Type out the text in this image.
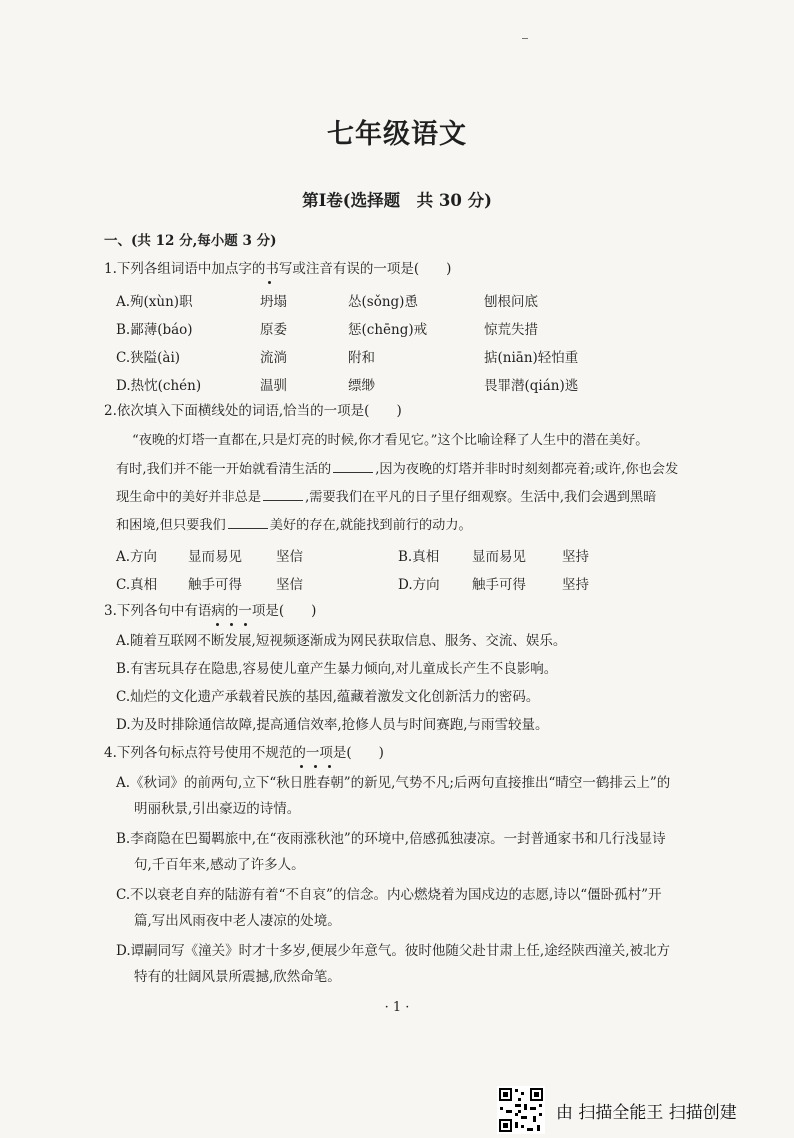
七年级语文
第Ⅰ卷(选择题　共 30 分)
一、(共 12 分,每小题 3 分)
1.下列各组词语中加点字的书写或注音有误的一项是(　　)
A.殉(xùn)职	坍塌	怂(sǒng)恿	刨根问底
B.鄙薄(báo)	原委	惩(chēng)戒	惊荒失措
C.狭隘(ài)	流淌	附和	掂(niān)轻怕重
D.热忱(chén)	温驯	缥缈	畏罪潜(qián)逃
2.依次填入下面横线处的词语,恰当的一项是(　　)
“夜晚的灯塔一直都在,只是灯亮的时候,你才看见它。”这个比喻诠释了人生中的潜在美好。
有时,我们并不能一开始就看清生活的	,因为夜晚的灯塔并非时时刻刻都亮着;或许,你也会发
现生命中的美好并非总是	,需要我们在平凡的日子里仔细观察。生活中,我们会遇到黑暗
和困境,但只要我们	美好的存在,就能找到前行的动力。
A.方向 显而易见	坚信	B.真相 显而易见	坚持
C.真相 触手可得	坚信	D.方向 触手可得	坚持
3.下列各句中有语病的一项是(　　)
A.随着互联网不断发展,短视频逐渐成为网民获取信息、服务、交流、娱乐。
B.有害玩具存在隐患,容易使儿童产生暴力倾向,对儿童成长产生不良影响。
C.灿烂的文化遗产承载着民族的基因,蕴藏着激发文化创新活力的密码。
D.为及时排除通信故障,提高通信效率,抢修人员与时间赛跑,与雨雪较量。
4.下列各句标点符号使用不规范的一项是(　　)
A.《秋词》的前两句,立下“秋日胜春朝”的新见,气势不凡;后两句直接推出“晴空一鹤排云上”的
明丽秋景,引出豪迈的诗情。
B.李商隐在巴蜀羁旅中,在“夜雨涨秋池”的环境中,倍感孤独凄凉。一封普通家书和几行浅显诗
句,千百年来,感动了许多人。
C.不以衰老自弃的陆游有着“不自哀”的信念。内心燃烧着为国戍边的志愿,诗以“僵卧孤村”开
篇,写出风雨夜中老人凄凉的处境。
D.谭嗣同写《潼关》时才十多岁,便展少年意气。彼时他随父赴甘肃上任,途经陕西潼关,被北方
特有的壮阔风景所震撼,欣然命笔。
· 1 ·
由 扫描全能王 扫描创建
